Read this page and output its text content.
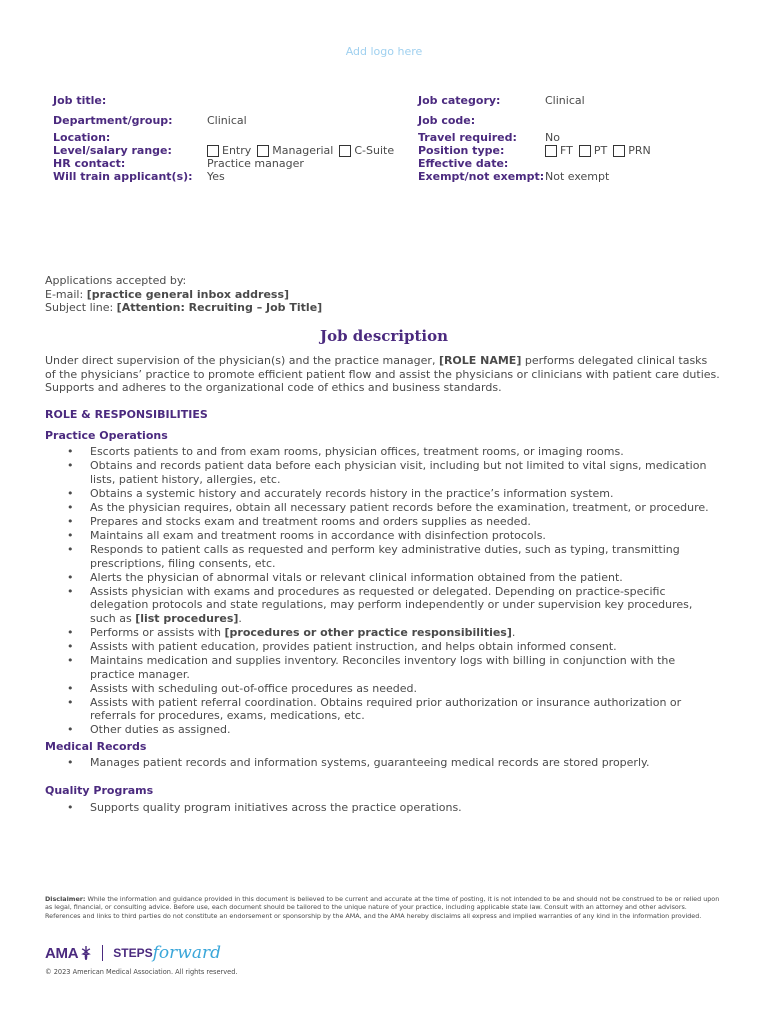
Add logo here
Job title:	Job category:	Clinical
Department/group:	Clinical	Job code:
Location:	Travel required:	No
Level/salary range:	Entry Managerial C-Suite Position type:	FT PT PRN
HR contact:	Practice manager	Effective date:
Will train applicant(s): Yes	Exempt/not exempt: Not exempt
Applications accepted by:
E-mail: [practice general inbox address]
Subject line: [Attention: Recruiting – Job Title]
Job description
Under direct supervision of the physician(s) and the practice manager, [ROLE NAME] performs delegated clinical tasks of the physicians’ practice to promote efficient patient flow and assist the physicians or clinicians with patient care duties. Supports and adheres to the organizational code of ethics and business standards.
ROLE & RESPONSIBILITIES
Practice Operations
• Escorts patients to and from exam rooms, physician offices, treatment rooms, or imaging rooms.
• Obtains and records patient data before each physician visit, including but not limited to vital signs, medication lists, patient history, allergies, etc.
• Obtains a systemic history and accurately records history in the practice’s information system.
• As the physician requires, obtain all necessary patient records before the examination, treatment, or procedure.
• Prepares and stocks exam and treatment rooms and orders supplies as needed.
• Maintains all exam and treatment rooms in accordance with disinfection protocols.
• Responds to patient calls as requested and perform key administrative duties, such as typing, transmitting prescriptions, filing consents, etc.
• Alerts the physician of abnormal vitals or relevant clinical information obtained from the patient.
• Assists physician with exams and procedures as requested or delegated. Depending on practice-specific delegation protocols and state regulations, may perform independently or under supervision key procedures, such as [list procedures].
• Performs or assists with [procedures or other practice responsibilities].
• Assists with patient education, provides patient instruction, and helps obtain informed consent.
• Maintains medication and supplies inventory. Reconciles inventory logs with billing in conjunction with the practice manager.
• Assists with scheduling out-of-office procedures as needed.
• Assists with patient referral coordination. Obtains required prior authorization or insurance authorization or referrals for procedures, exams, medications, etc.
• Other duties as assigned.
Medical Records
• Manages patient records and information systems, guaranteeing medical records are stored properly.
Quality Programs
• Supports quality program initiatives across the practice operations.
Disclaimer: While the information and guidance provided in this document is believed to be current and accurate at the time of posting, it is not intended to be and should not be construed to be or relied upon as legal, financial, or consulting advice. Before use, each document should be tailored to the unique nature of your practice, including applicable state law. Consult with an attorney and other advisors. References and links to third parties do not constitute an endorsement or sponsorship by the AMA, and the AMA hereby disclaims all express and implied warranties of any kind in the information provided.
AMA	STEPS forward
© 2023 American Medical Association. All rights reserved.
